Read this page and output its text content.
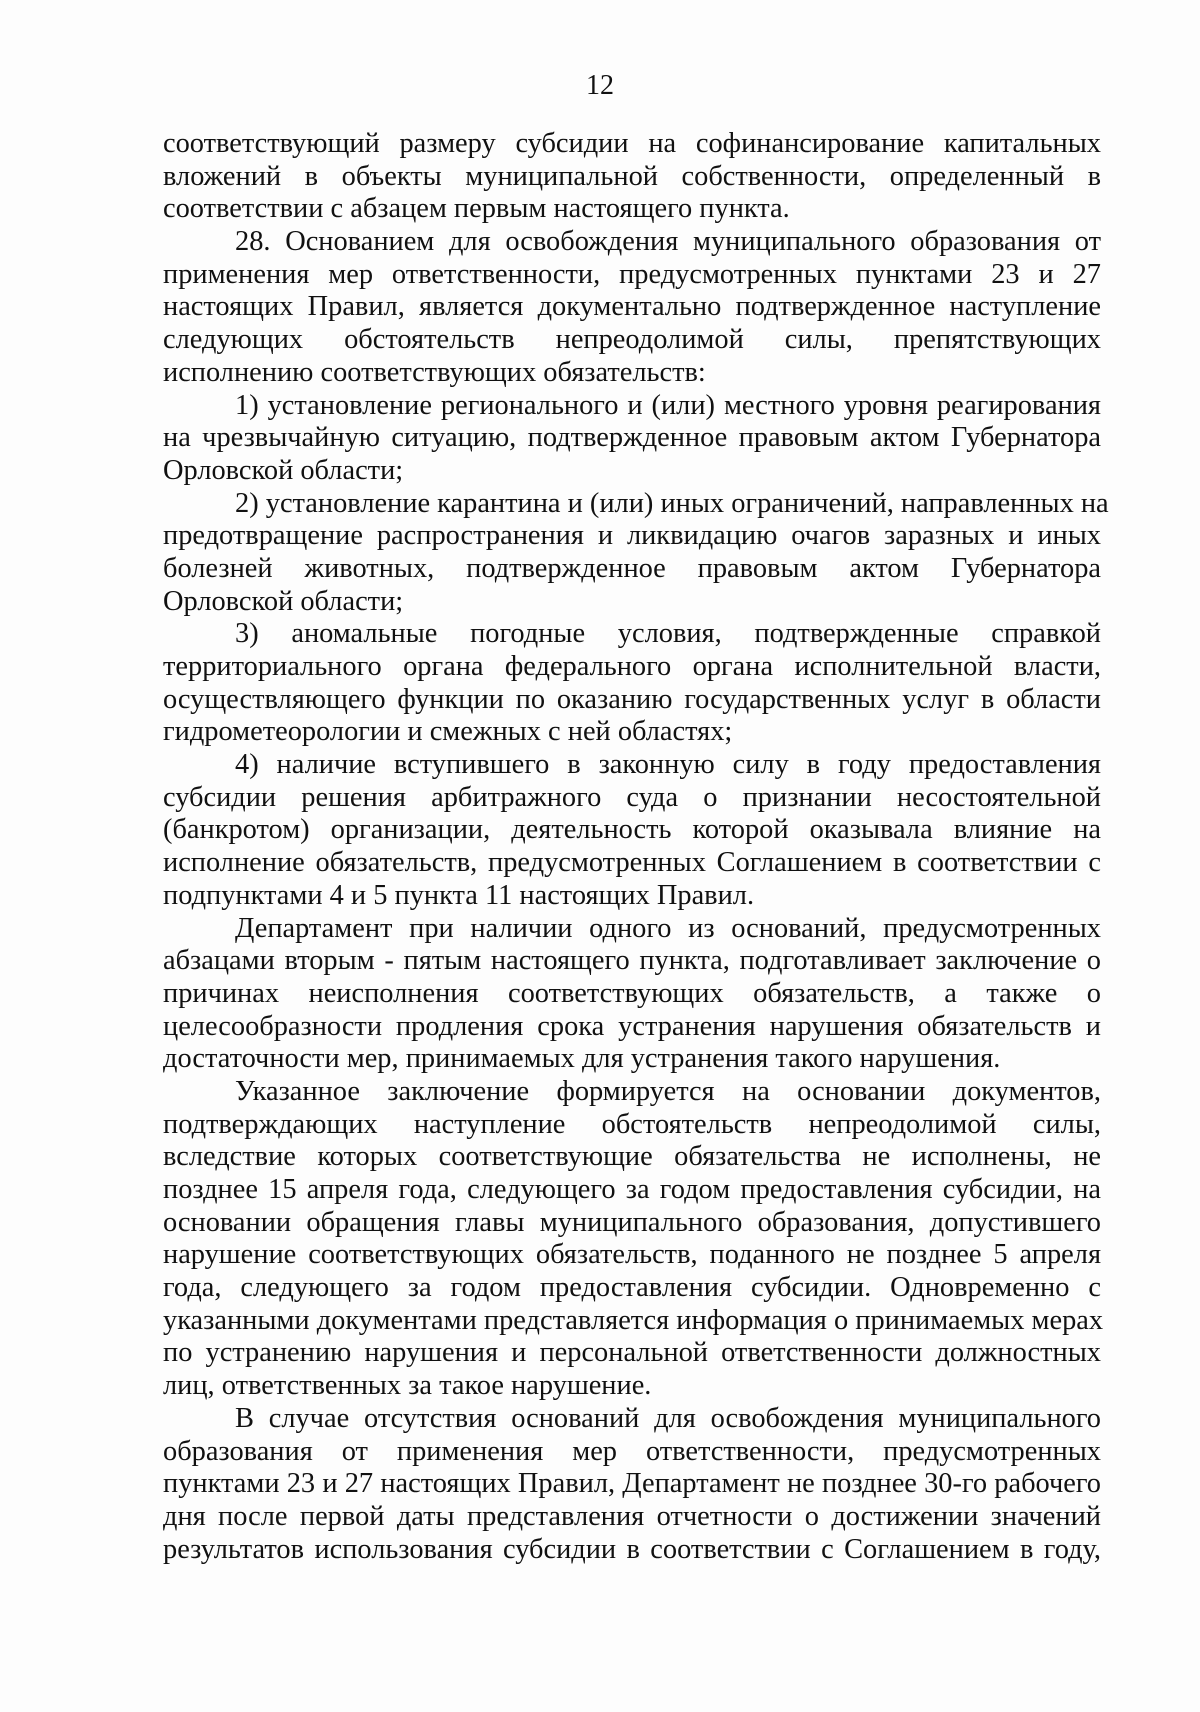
12

соответствующий размеру субсидии на софинансирование капитальных
вложений в объекты муниципальной собственности, определенный в
соответствии с абзацем первым настоящего пункта.

28. Основанием для освобождения муниципального образования от
применения мер ответственности, предусмотренных пунктами 23 и 27
настоящих Правил, является документально подтвержденное наступление
следующих обстоятельств непреодолимой силы, препятствующих
исполнению соответствующих обязательств:

1) установление регионального и (или) местного уровня реагирования
на чрезвычайную ситуацию, подтвержденное правовым актом Губернатора
Орловской области;

2) установление карантина и (или) иных ограничений, направленных на
предотвращение распространения и ликвидацию очагов заразных и иных
болезней животных, подтвержденное правовым актом Губернатора
Орловской области;

3) аномальные погодные условия, подтвержденные справкой
территориального органа федерального органа исполнительной власти,
осуществляющего функции по оказанию государственных услуг в области
гидрометеорологии и смежных с ней областях;

4) наличие вступившего в законную силу в году предоставления
субсидии решения арбитражного суда о признании несостоятельной
(банкротом) организации, деятельность которой оказывала влияние на
исполнение обязательств, предусмотренных Соглашением в соответствии с
подпунктами 4 и 5 пункта 11 настоящих Правил.

Департамент при наличии одного из оснований, предусмотренных
абзацами вторым - пятым настоящего пункта, подготавливает заключение о
причинах неисполнения соответствующих обязательств, а также о
целесообразности продления срока устранения нарушения обязательств и
достаточности мер, принимаемых для устранения такого нарушения.

Указанное заключение формируется на основании документов,
подтверждающих наступление обстоятельств непреодолимой силы,
вследствие которых соответствующие обязательства не исполнены, не
позднее 15 апреля года, следующего за годом предоставления субсидии, на
основании обращения главы муниципального образования, допустившего
нарушение соответствующих обязательств, поданного не позднее 5 апреля
года, следующего за годом предоставления субсидии. Одновременно с
указанными документами представляется информация о принимаемых мерах
по устранению нарушения и персональной ответственности должностных
лиц, ответственных за такое нарушение.

В случае отсутствия оснований для освобождения муниципального
образования от применения мер ответственности, предусмотренных
пунктами 23 и 27 настоящих Правил, Департамент не позднее 30-го рабочего
дня после первой даты представления отчетности о достижении значений
результатов использования субсидии в соответствии с Соглашением в году,
